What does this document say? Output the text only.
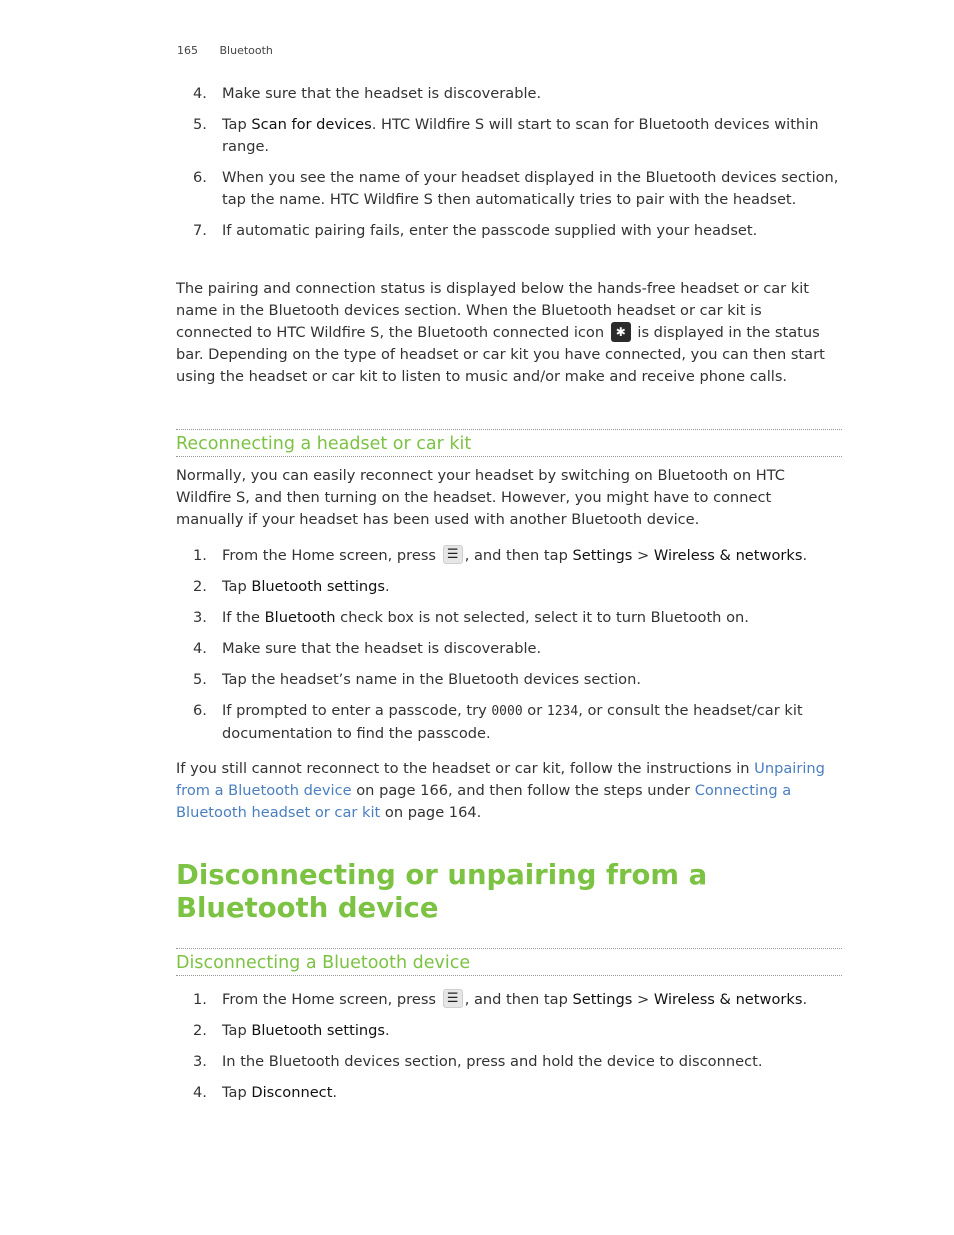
165 Bluetooth
4. Make sure that the headset is discoverable.
5. Tap Scan for devices. HTC Wildfire S will start to scan for Bluetooth devices within range.
6. When you see the name of your headset displayed in the Bluetooth devices section, tap the name. HTC Wildfire S then automatically tries to pair with the headset.
7. If automatic pairing fails, enter the passcode supplied with your headset.

The pairing and connection status is displayed below the hands-free headset or car kit name in the Bluetooth devices section. When the Bluetooth headset or car kit is connected to HTC Wildfire S, the Bluetooth connected icon ✱ is displayed in the status bar. Depending on the type of headset or car kit you have connected, you can then start using the headset or car kit to listen to music and/or make and receive phone calls.

Reconnecting a headset or car kit

Normally, you can easily reconnect your headset by switching on Bluetooth on HTC Wildfire S, and then turning on the headset. However, you might have to connect manually if your headset has been used with another Bluetooth device.

1. From the Home screen, press ☰ , and then tap Settings > Wireless & networks.
2. Tap Bluetooth settings.
3. If the Bluetooth check box is not selected, select it to turn Bluetooth on.
4. Make sure that the headset is discoverable.
5. Tap the headset’s name in the Bluetooth devices section.
6. If prompted to enter a passcode, try 0000 or 1234, or consult the headset/car kit documentation to find the passcode.

If you still cannot reconnect to the headset or car kit, follow the instructions in Unpairing from a Bluetooth device on page 166, and then follow the steps under Connecting a Bluetooth headset or car kit on page 164.

Disconnecting or unpairing from a Bluetooth device
Disconnecting a Bluetooth device
1. From the Home screen, press ☰ , and then tap Settings > Wireless & networks.
2. Tap Bluetooth settings.
3. In the Bluetooth devices section, press and hold the device to disconnect.
4. Tap Disconnect.
